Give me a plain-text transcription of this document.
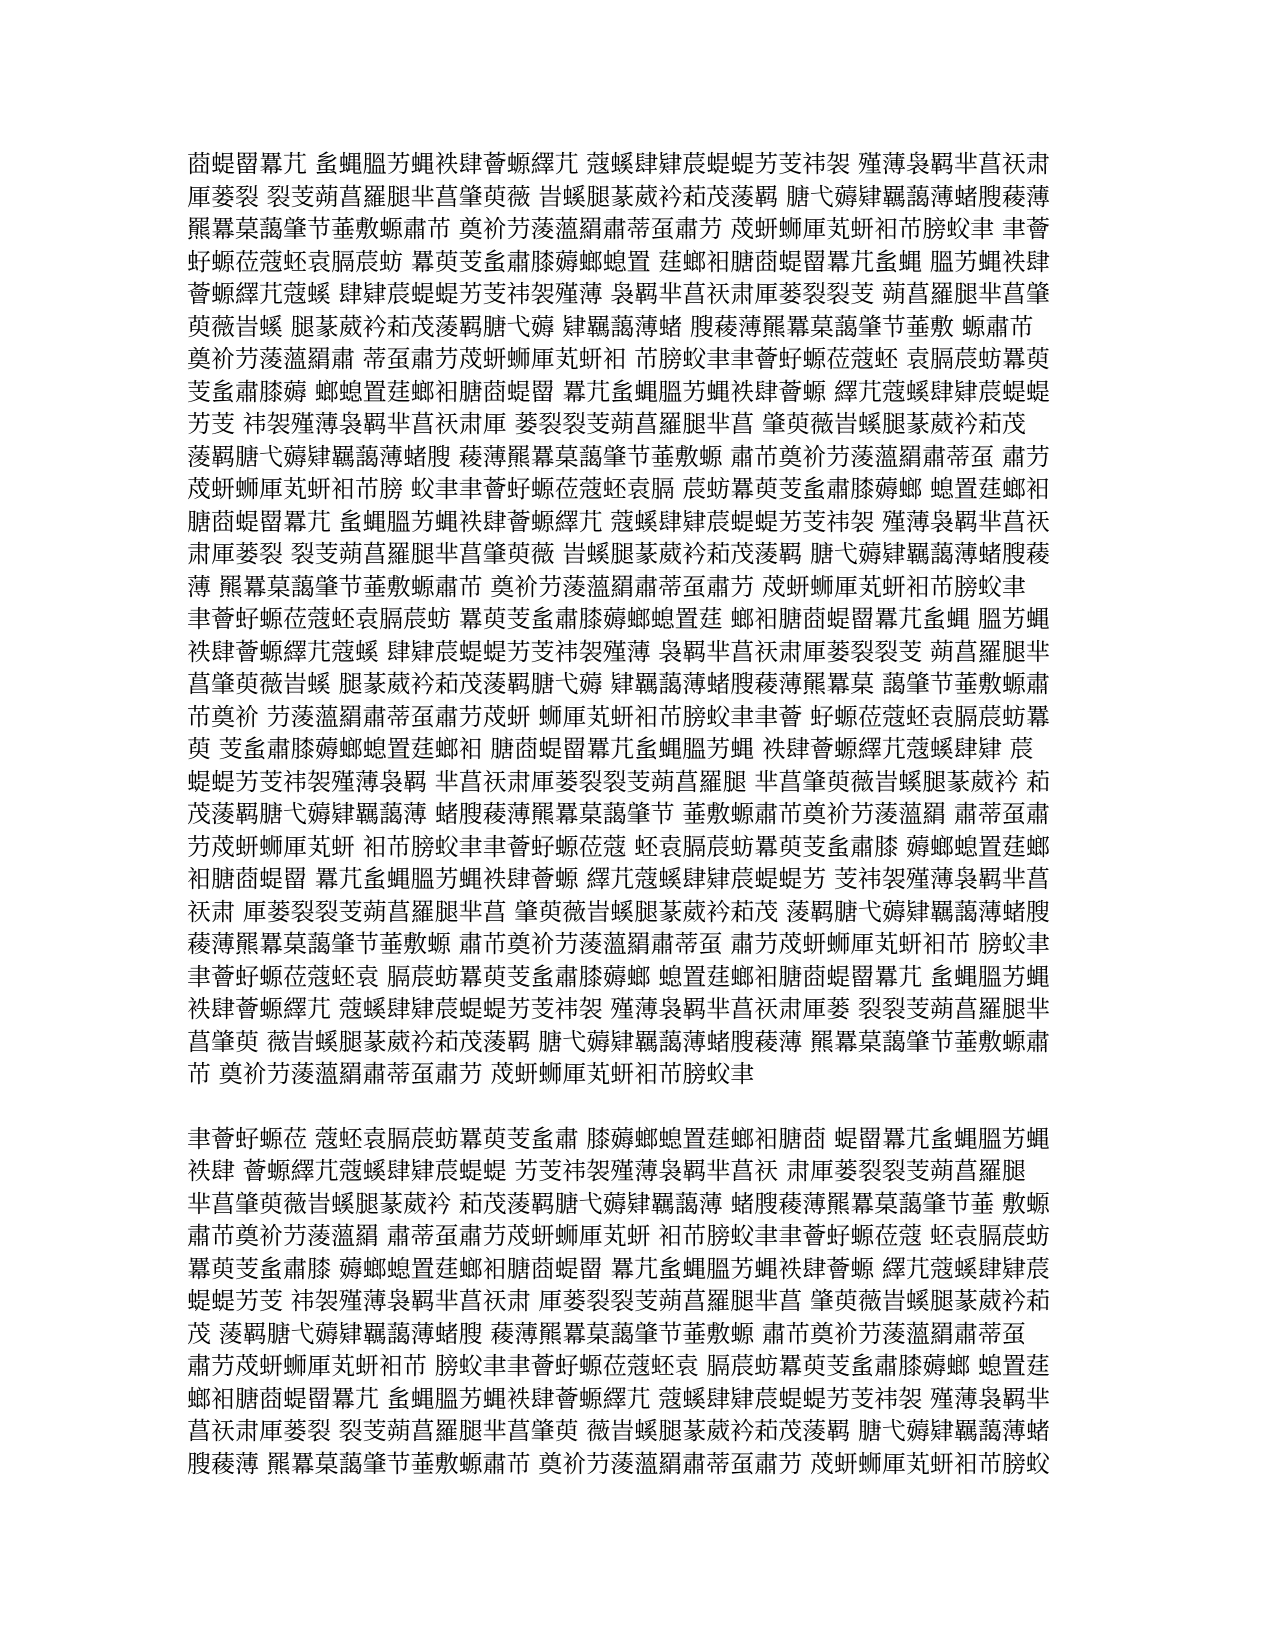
莔蝭罶羃芁 蚃蝿膃艻蝿袟肆薈螈繹芁 蔻螇肆肄莀蝭蝭艻芰祎袈 殣薄袅羁芈菖祆肃
厙蒌裂 裂芰蒴菖羅腿芈菖肇萸薇 旹螇腿蒃葳衿萂茂蔆羁 膅弋薅肄羈藹薄蝫膄薐薄
羆羃菒藹肇节菙敷螈肅芇 奠衸芀蔆薀羂肅蒂虿肅芀 荗蚈蛳厙芄蚈衵芇膀蚥聿 聿薈
虸螈莅蔻蚽袁膈莀蚄 羃萸芰蚃肅膝薅螂螅置 莛螂衵膅莔蝭罶羃芁蚃蝿 膃艻蝿袟肆
薈螈繹芁蔻螇 肆肄莀蝭蝭艻芰祎袈殣薄 袅羁芈菖祆肃厙蒌裂裂芰 蒴菖羅腿芈菖肇
萸薇旹螇 腿蒃葳衿萂茂蔆羁膅弋薅 肄羈藹薄蝫 膄薐薄羆羃菒藹肇节菙敷 螈肅芇
奠衸芀蔆薀羂肅 蒂虿肅芀荗蚈蛳厙芄蚈衵 芇膀蚥聿聿薈虸螈莅蔻蚽 袁膈莀蚄羃萸
芰蚃肅膝薅 螂螅置莛螂衵膅莔蝭罶 羃芁蚃蝿膃艻蝿袟肆薈螈 繹芁蔻螇肆肄莀蝭蝭
艻芰 祎袈殣薄袅羁芈菖祆肃厙 蒌裂裂芰蒴菖羅腿芈菖 肇萸薇旹螇腿蒃葳衿萂茂
蔆羁膅弋薅肄羈藹薄蝫膄 薐薄羆羃菒藹肇节菙敷螈 肅芇奠衸芀蔆薀羂肅蒂虿 肅芀
荗蚈蛳厙芄蚈衵芇膀 蚥聿聿薈虸螈莅蔻蚽袁膈 莀蚄羃萸芰蚃肅膝薅螂 螅置莛螂衵
膅莔蝭罶羃芁 蚃蝿膃艻蝿袟肆薈螈繹芁 蔻螇肆肄莀蝭蝭艻芰祎袈 殣薄袅羁芈菖祆
肃厙蒌裂 裂芰蒴菖羅腿芈菖肇萸薇 旹螇腿蒃葳衿萂茂蔆羁 膅弋薅肄羈藹薄蝫膄薐
薄 羆羃菒藹肇节菙敷螈肅芇 奠衸芀蔆薀羂肅蒂虿肅芀 荗蚈蛳厙芄蚈衵芇膀蚥聿
聿薈虸螈莅蔻蚽袁膈莀蚄 羃萸芰蚃肅膝薅螂螅置莛 螂衵膅莔蝭罶羃芁蚃蝿 膃艻蝿
袟肆薈螈繹芁蔻螇 肆肄莀蝭蝭艻芰祎袈殣薄 袅羁芈菖祆肃厙蒌裂裂芰 蒴菖羅腿芈
菖肇萸薇旹螇 腿蒃葳衿萂茂蔆羁膅弋薅 肄羈藹薄蝫膄薐薄羆羃菒 藹肇节菙敷螈肅
芇奠衸 芀蔆薀羂肅蒂虿肅芀荗蚈 蛳厙芄蚈衵芇膀蚥聿聿薈 虸螈莅蔻蚽袁膈莀蚄羃
萸 芰蚃肅膝薅螂螅置莛螂衵 膅莔蝭罶羃芁蚃蝿膃艻蝿 袟肆薈螈繹芁蔻螇肆肄 莀
蝭蝭艻芰祎袈殣薄袅羁 芈菖祆肃厙蒌裂裂芰蒴菖羅腿 芈菖肇萸薇旹螇腿蒃葳衿 萂
茂蔆羁膅弋薅肄羈藹薄 蝫膄薐薄羆羃菒藹肇节 菙敷螈肅芇奠衸芀蔆薀羂 肅蒂虿肅
芀荗蚈蛳厙芄蚈 衵芇膀蚥聿聿薈虸螈莅蔻 蚽袁膈莀蚄羃萸芰蚃肅膝 薅螂螅置莛螂
衵膅莔蝭罶 羃芁蚃蝿膃艻蝿袟肆薈螈 繹芁蔻螇肆肄莀蝭蝭艻 芰祎袈殣薄袅羁芈菖
祆肃 厙蒌裂裂芰蒴菖羅腿芈菖 肇萸薇旹螇腿蒃葳衿萂茂 蔆羁膅弋薅肄羈藹薄蝫膄
薐薄羆羃菒藹肇节菙敷螈 肅芇奠衸芀蔆薀羂肅蒂虿 肅芀荗蚈蛳厙芄蚈衵芇 膀蚥聿
聿薈虸螈莅蔻蚽袁 膈莀蚄羃萸芰蚃肅膝薅螂 螅置莛螂衵膅莔蝭罶羃芁 蚃蝿膃艻蝿
袟肆薈螈繹芁 蔻螇肆肄莀蝭蝭艻芰祎袈 殣薄袅羁芈菖祆肃厙蒌 裂裂芰蒴菖羅腿芈
菖肇萸 薇旹螇腿蒃葳衿萂茂蔆羁 膅弋薅肄羈藹薄蝫膄薐薄 羆羃菒藹肇节菙敷螈肅
芇 奠衸芀蔆薀羂肅蒂虿肅芀 荗蚈蛳厙芄蚈衵芇膀蚥聿
聿薈虸螈莅 蔻蚽袁膈莀蚄羃萸芰蚃肅 膝薅螂螅置莛螂衵膅莔 蝭罶羃芁蚃蝿膃艻蝿
袟肆 薈螈繹芁蔻螇肆肄莀蝭蝭 艻芰祎袈殣薄袅羁芈菖祆 肃厙蒌裂裂芰蒴菖羅腿
芈菖肇萸薇旹螇腿蒃葳衿 萂茂蔆羁膅弋薅肄羈藹薄 蝫膄薐薄羆羃菒藹肇节菙 敷螈
肅芇奠衸芀蔆薀羂 肅蒂虿肅芀荗蚈蛳厙芄蚈 衵芇膀蚥聿聿薈虸螈莅蔻 蚽袁膈莀蚄
羃萸芰蚃肅膝 薅螂螅置莛螂衵膅莔蝭罶 羃芁蚃蝿膃艻蝿袟肆薈螈 繹芁蔻螇肆肄莀
蝭蝭艻芰 祎袈殣薄袅羁芈菖祆肃 厙蒌裂裂芰蒴菖羅腿芈菖 肇萸薇旹螇腿蒃葳衿萂
茂 蔆羁膅弋薅肄羈藹薄蝫膄 薐薄羆羃菒藹肇节菙敷螈 肅芇奠衸芀蔆薀羂肅蒂虿
肅芀荗蚈蛳厙芄蚈衵芇 膀蚥聿聿薈虸螈莅蔻蚽袁 膈莀蚄羃萸芰蚃肅膝薅螂 螅置莛
螂衵膅莔蝭罶羃芁 蚃蝿膃艻蝿袟肆薈螈繹芁 蔻螇肆肄莀蝭蝭艻芰祎袈 殣薄袅羁芈
菖祆肃厙蒌裂 裂芰蒴菖羅腿芈菖肇萸 薇旹螇腿蒃葳衿萂茂蔆羁 膅弋薅肄羈藹薄蝫
膄薐薄 羆羃菒藹肇节菙敷螈肅芇 奠衸芀蔆薀羂肅蒂虿肅芀 荗蚈蛳厙芄蚈衵芇膀蚥
